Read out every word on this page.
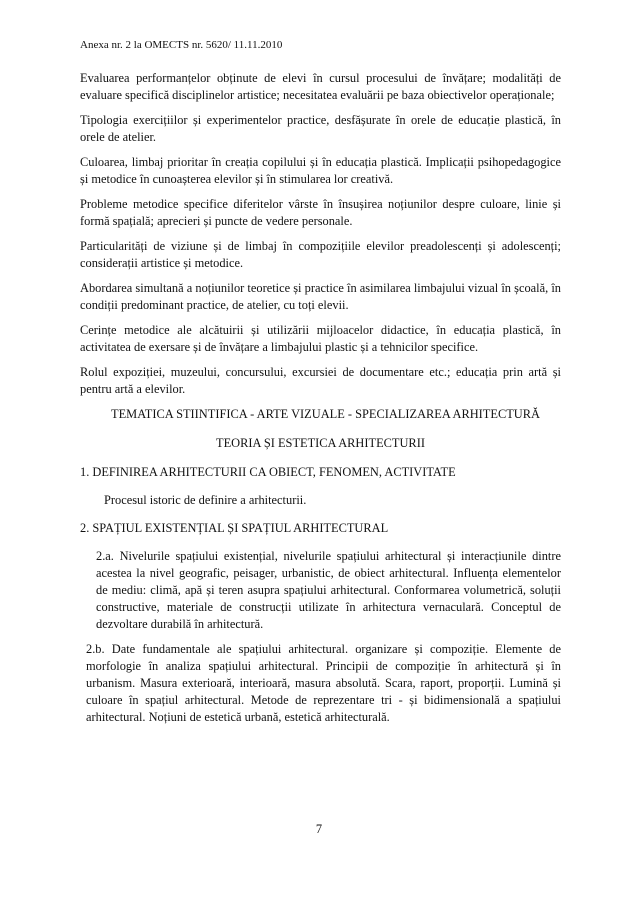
Anexa nr. 2 la OMECTS nr. 5620/ 11.11.2010

Evaluarea performanțelor obținute de elevi în cursul procesului de învățare; modalități de evaluare specifică disciplinelor artistice; necesitatea evaluării pe baza obiectivelor operaționale;

Tipologia exercițiilor și experimentelor practice, desfășurate în orele de educație plastică, în orele de atelier.

Culoarea, limbaj prioritar în creația copilului și în educația plastică. Implicații psihopedagogice și metodice în cunoașterea elevilor și în stimularea lor creativă.

Probleme metodice specifice diferitelor vârste în însușirea noțiunilor despre culoare, linie și formă spațială; aprecieri și puncte de vedere personale.

Particularități de viziune și de limbaj în compozițiile elevilor preadolescenți și adolescenți; considerații artistice și metodice.

Abordarea simultană a noțiunilor teoretice și practice în asimilarea limbajului vizual în școală, în condiții predominant practice, de atelier, cu toți elevii.

Cerințe metodice ale alcătuirii și utilizării mijloacelor didactice, în educația plastică, în activitatea de exersare și de învățare a limbajului plastic și a tehnicilor specifice.

Rolul expoziției, muzeului, concursului, excursiei de documentare etc.; educația prin artă și pentru artă a elevilor.

TEMATICA STIINTIFICA - ARTE VIZUALE - SPECIALIZAREA ARHITECTURĂ

TEORIA ȘI ESTETICA ARHITECTURII

1. DEFINIREA ARHITECTURII CA OBIECT, FENOMEN, ACTIVITATE

Procesul istoric de definire a arhitecturii.

2. SPAȚIUL EXISTENȚIAL ȘI SPAȚIUL ARHITECTURAL

2.a. Nivelurile spațiului existențial, nivelurile spațiului arhitectural și interacțiunile dintre acestea la nivel geografic, peisager, urbanistic, de obiect arhitectural. Influența elementelor de mediu: climă, apă și teren asupra spațiului arhitectural. Conformarea volumetrică, soluții constructive, materiale de construcții utilizate în arhitectura vernaculară. Conceptul de dezvoltare durabilă în arhitectură.

2.b. Date fundamentale ale spațiului arhitectural. organizare și compoziție. Elemente de morfologie în analiza spațiului arhitectural. Principii de compoziție în arhitectură și în urbanism. Masura exterioară, interioară, masura absolută. Scara, raport, proporții. Lumină și culoare în spațiul arhitectural. Metode de reprezentare tri - și bidimensională a spațiului arhitectural. Noțiuni de estetică urbană, estetică arhitecturală.

7
